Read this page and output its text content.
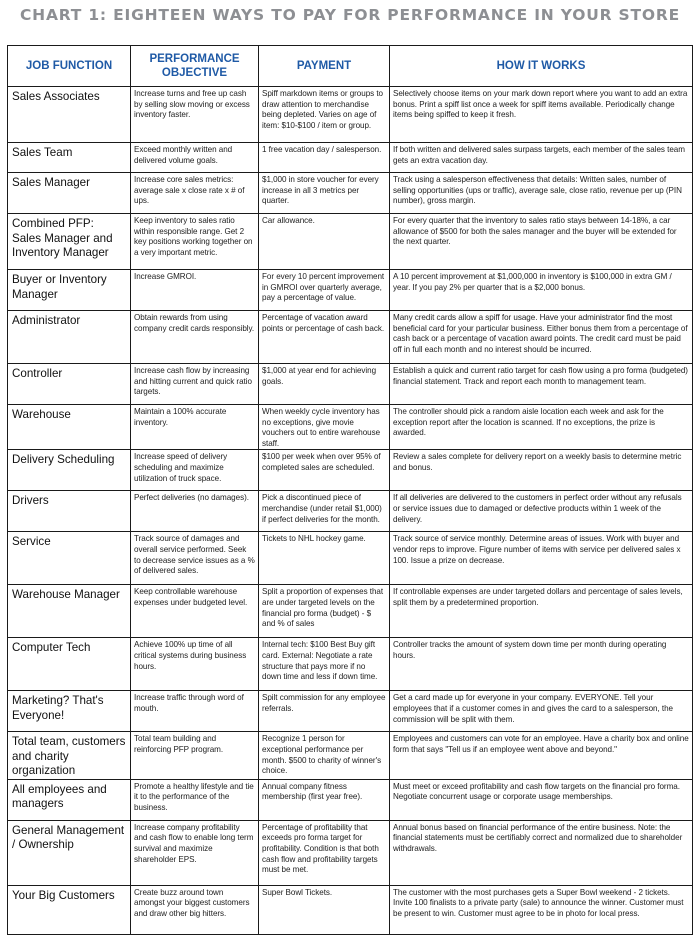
CHART 1: EIGHTEEN WAYS TO PAY FOR PERFORMANCE IN YOUR STORE
JOB FUNCTION	PERFORMANCE OBJECTIVE	PAYMENT	HOW IT WORKS
Sales Associates	Increase turns and free up cash by selling slow moving or excess inventory faster.	Spiff markdown items or groups to draw attention to merchandise being depleted. Varies on age of item: $10-$100 / item or group.	Selectively choose items on your mark down report where you want to add an extra bonus. Print a spiff list once a week for spiff items available. Periodically change items being spiffed to keep it fresh.
Sales Team	Exceed monthly written and delivered volume goals.	1 free vacation day / salesperson.	If both written and delivered sales surpass targets, each member of the sales team gets an extra vacation day.
Sales Manager	Increase core sales metrics: average sale x close rate x # of ups.	$1,000 in store voucher for every increase in all 3 metrics per quarter.	Track using a salesperson effectiveness that details: Written sales, number of selling opportunities (ups or traffic), average sale, close ratio, revenue per up (PIN number), gross margin.
Combined PFP: Sales Manager and Inventory Manager	Keep inventory to sales ratio within responsible range. Get 2 key positions working together on a very important metric.	Car allowance.	For every quarter that the inventory to sales ratio stays between 14-18%, a car allowance of $500 for both the sales manager and the buyer will be extended for the next quarter.
Buyer or Inventory Manager	Increase GMROI.	For every 10 percent improvement in GMROI over quarterly average, pay a percentage of value.	A 10 percent improvement at $1,000,000 in inventory is $100,000 in extra GM / year. If you pay 2% per quarter that is a $2,000 bonus.
Administrator	Obtain rewards from using company credit cards responsibly.	Percentage of vacation award points or percentage of cash back.	Many credit cards allow a spiff for usage. Have your administrator find the most beneficial card for your particular business. Either bonus them from a percentage of cash back or a percentage of vacation award points. The credit card must be paid off in full each month and no interest should be incurred.
Controller	Increase cash flow by increasing and hitting current and quick ratio targets.	$1,000 at year end for achieving goals.	Establish a quick and current ratio target for cash flow using a pro forma (budgeted) financial statement. Track and report each month to management team.
Warehouse	Maintain a 100% accurate inventory.	When weekly cycle inventory has no exceptions, give movie vouchers out to entire warehouse staff.	The controller should pick a random aisle location each week and ask for the exception report after the location is scanned. If no exceptions, the prize is awarded.
Delivery Scheduling	Increase speed of delivery scheduling and maximize utilization of truck space.	$100 per week when over 95% of completed sales are scheduled.	Review a sales complete for delivery report on a weekly basis to determine metric and bonus.
Drivers	Perfect deliveries (no damages).	Pick a discontinued piece of merchandise (under retail $1,000) if perfect deliveries for the month.	If all deliveries are delivered to the customers in perfect order without any refusals or service issues due to damaged or defective products within 1 week of the delivery.
Service	Track source of damages and overall service performed. Seek to decrease service issues as a % of delivered sales.	Tickets to NHL hockey game.	Track source of service monthly. Determine areas of issues. Work with buyer and vendor reps to improve. Figure number of items with service per delivered sales x 100. Issue a prize on decrease.
Warehouse Manager	Keep controllable warehouse expenses under budgeted level.	Split a proportion of expenses that are under targeted levels on the financial pro forma (budget) - $ and % of sales	If controllable expenses are under targeted dollars and percentage of sales levels, split them by a predetermined proportion.
Computer Tech	Achieve 100% up time of all critical systems during business hours.	Internal tech: $100 Best Buy gift card. External: Negotiate a rate structure that pays more if no down time and less if down time.	Controller tracks the amount of system down time per month during operating hours.
Marketing? That's Everyone!	Increase traffic through word of mouth.	Spilt commission for any employee referrals.	Get a card made up for everyone in your company. EVERYONE. Tell your employees that if a customer comes in and gives the card to a salesperson, the commission will be split with them.
Total team, customers and charity organization	Total team building and reinforcing PFP program.	Recognize 1 person for exceptional performance per month. $500 to charity of winner's choice.	Employees and customers can vote for an employee. Have a charity box and online form that says "Tell us if an employee went above and beyond."
All employees and managers	Promote a healthy lifestyle and tie it to the performance of the business.	Annual company fitness membership (first year free).	Must meet or exceed profitability and cash flow targets on the financial pro forma. Negotiate concurrent usage or corporate usage memberships.
General Management / Ownership	Increase company profitability and cash flow to enable long term survival and maximize shareholder EPS.	Percentage of profitability that exceeds pro forma target for profitability. Condition is that both cash flow and profitability targets must be met.	Annual bonus based on financial performance of the entire business. Note: the financial statements must be certifiably correct and normalized due to shareholder withdrawals.
Your Big Customers	Create buzz around town amongst your biggest customers and draw other big hitters.	Super Bowl Tickets.	The customer with the most purchases gets a Super Bowl weekend - 2 tickets. Invite 100 finalists to a private party (sale) to announce the winner. Customer must be present to win. Customer must agree to be in photo for local press.
